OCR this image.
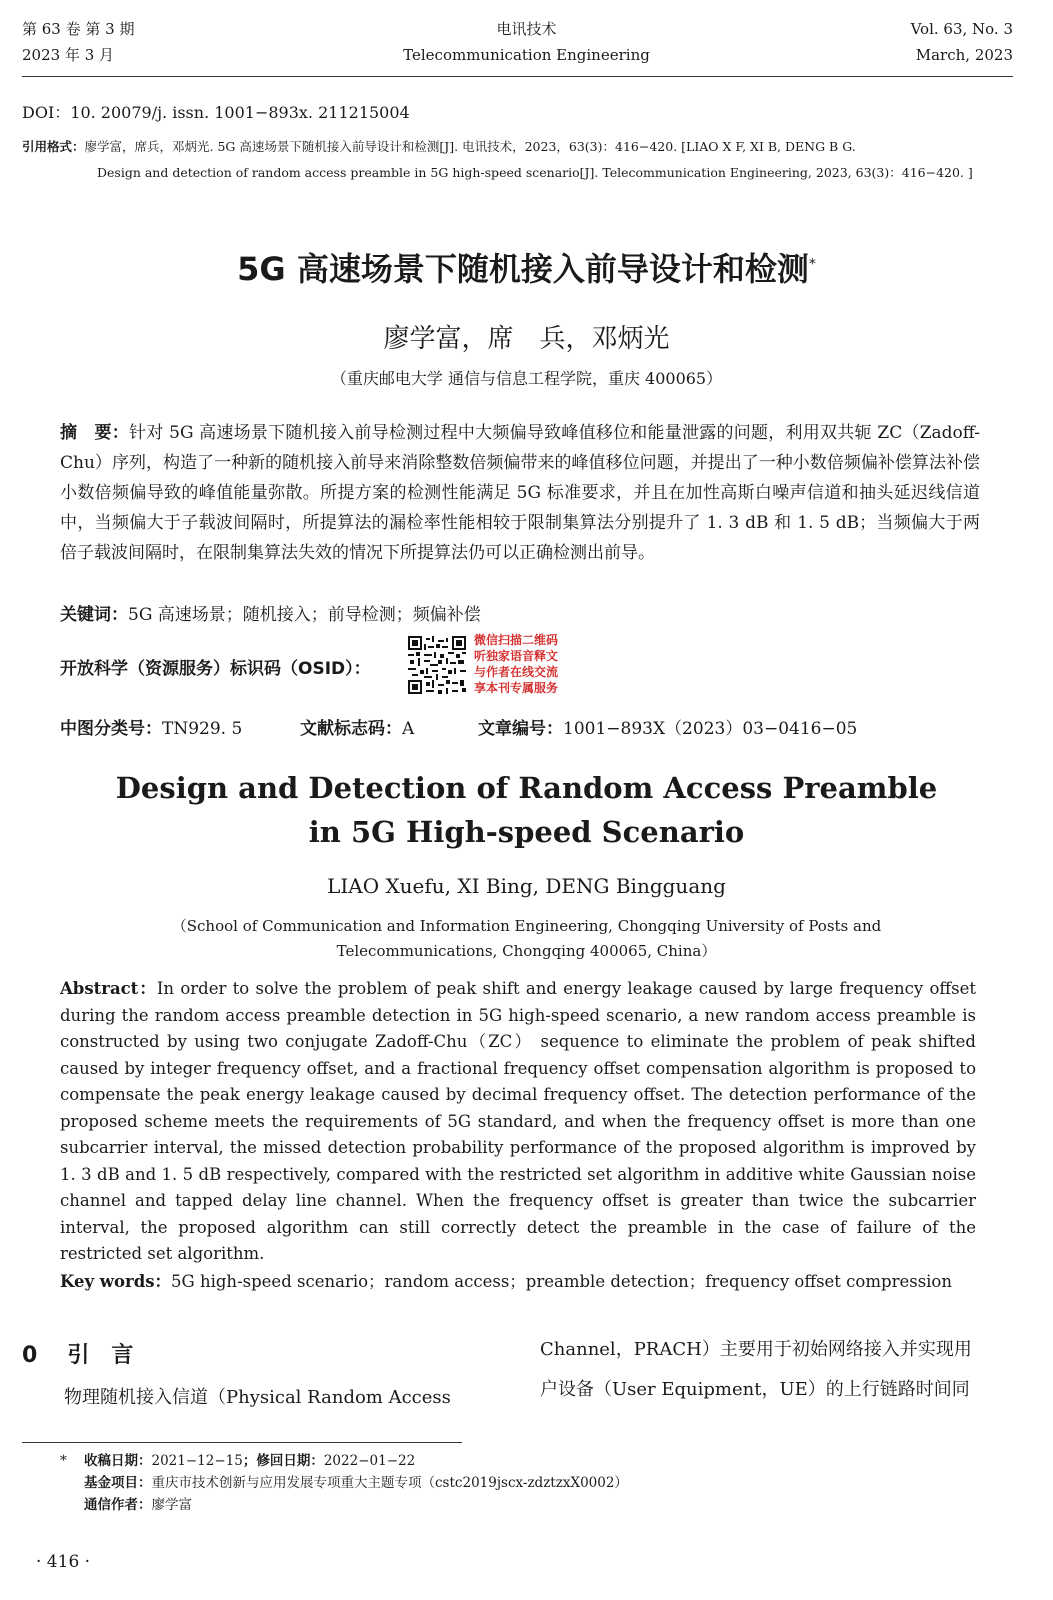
第 63 卷 第 3 期
2023 年 3 月
电讯技术
Telecommunication Engineering
Vol. 63, No. 3
March, 2023
DOI：10. 20079/j. issn. 1001−893x. 211215004
引用格式：廖学富，席兵，邓炳光. 5G 高速场景下随机接入前导设计和检测[J]. 电讯技术，2023，63(3)：416−420. [LIAO X F, XI B, DENG B G.
Design and detection of random access preamble in 5G high-speed scenario[J]. Telecommunication Engineering, 2023, 63(3)：416−420. ]
5G 高速场景下随机接入前导设计和检测*
廖学富，席　兵，邓炳光
（重庆邮电大学 通信与信息工程学院，重庆 400065）
摘　要：针对 5G 高速场景下随机接入前导检测过程中大频偏导致峰值移位和能量泄露的问题，利用双共轭 ZC（Zadoff-Chu）序列，构造了一种新的随机接入前导来消除整数倍频偏带来的峰值移位问题，并提出了一种小数倍频偏补偿算法补偿小数倍频偏导致的峰值能量弥散。所提方案的检测性能满足 5G 标准要求，并且在加性高斯白噪声信道和抽头延迟线信道中，当频偏大于子载波间隔时，所提算法的漏检率性能相较于限制集算法分别提升了 1. 3 dB 和 1. 5 dB；当频偏大于两倍子载波间隔时，在限制集算法失效的情况下所提算法仍可以正确检测出前导。
关键词：5G 高速场景；随机接入；前导检测；频偏补偿
开放科学（资源服务）标识码（OSID）：
微信扫描二维码
听独家语音释文
与作者在线交流
享本刊专属服务
中图分类号：TN929. 5	文献标志码：A	文章编号：1001−893X（2023）03−0416−05
Design and Detection of Random Access Preamble
in 5G High-speed Scenario
LIAO Xuefu, XI Bing, DENG Bingguang
（School of Communication and Information Engineering, Chongqing University of Posts and
Telecommunications, Chongqing 400065, China）
Abstract：In order to solve the problem of peak shift and energy leakage caused by large frequency offset during the random access preamble detection in 5G high-speed scenario, a new random access preamble is constructed by using two conjugate Zadoff-Chu（ZC） sequence to eliminate the problem of peak shifted caused by integer frequency offset, and a fractional frequency offset compensation algorithm is proposed to compensate the peak energy leakage caused by decimal frequency offset. The detection performance of the proposed scheme meets the requirements of 5G standard, and when the frequency offset is more than one subcarrier interval, the missed detection probability performance of the proposed algorithm is improved by 1. 3 dB and 1. 5 dB respectively, compared with the restricted set algorithm in additive white Gaussian noise channel and tapped delay line channel. When the frequency offset is greater than twice the subcarrier interval, the proposed algorithm can still correctly detect the preamble in the case of failure of the restricted set algorithm.
Key words：5G high-speed scenario；random access；preamble detection；frequency offset compression
0 引　言
物理随机接入信道（Physical Random Access
Channel，PRACH）主要用于初始网络接入并实现用
户设备（User Equipment，UE）的上行链路时间同
* 收稿日期：2021−12−15；修回日期：2022−01−22
基金项目：重庆市技术创新与应用发展专项重大主题专项（cstc2019jscx-zdztzxX0002）
通信作者：廖学富
· 416 ·
